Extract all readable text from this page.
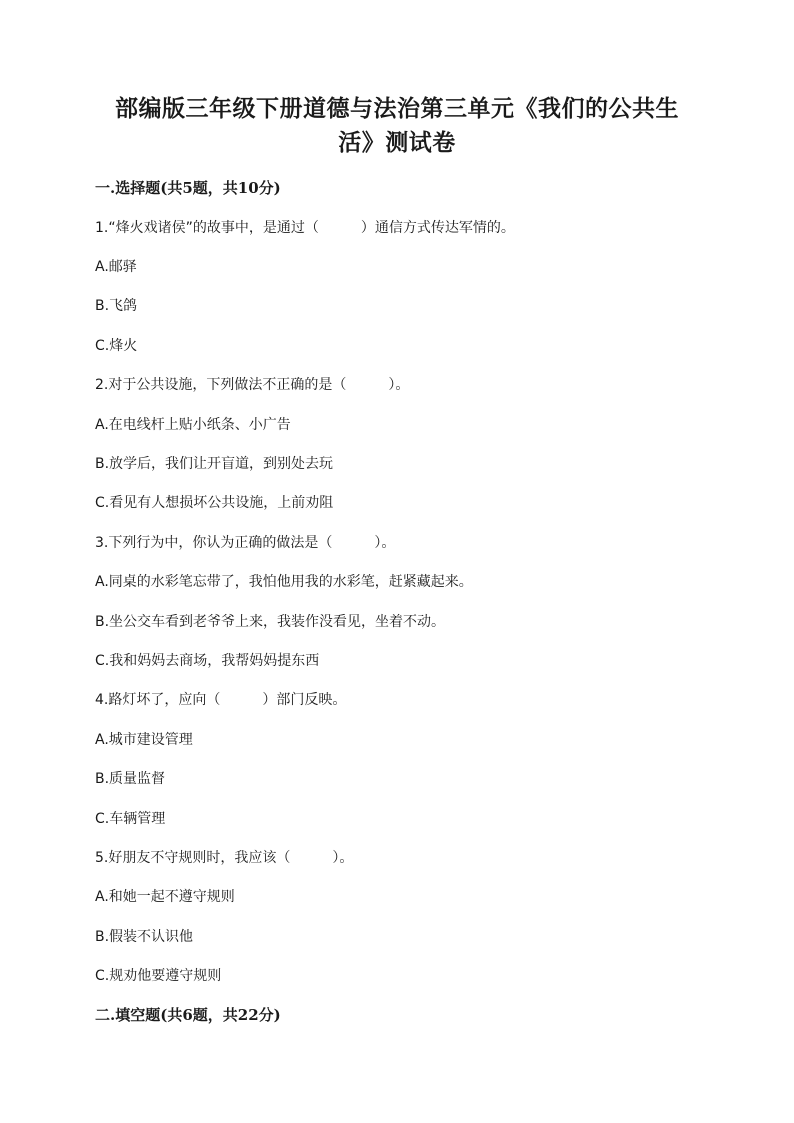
部编版三年级下册道德与法治第三单元《我们的公共生
活》测试卷
一.选择题(共5题，共10分)
1.“烽火戏诸侯”的故事中，是通过（　　　）通信方式传达军情的。
A.邮驿
B.飞鸽
C.烽火
2.对于公共设施，下列做法不正确的是（　　　）。
A.在电线杆上贴小纸条、小广告
B.放学后，我们让开盲道，到别处去玩
C.看见有人想损坏公共设施，上前劝阻
3.下列行为中，你认为正确的做法是（　　　）。
A.同桌的水彩笔忘带了，我怕他用我的水彩笔，赶紧藏起来。
B.坐公交车看到老爷爷上来，我装作没看见，坐着不动。
C.我和妈妈去商场，我帮妈妈提东西
4.路灯坏了，应向（　　　）部门反映。
A.城市建设管理
B.质量监督
C.车辆管理
5.好朋友不守规则时，我应该（　　　）。
A.和她一起不遵守规则
B.假装不认识他
C.规劝他要遵守规则
二.填空题(共6题，共22分)
